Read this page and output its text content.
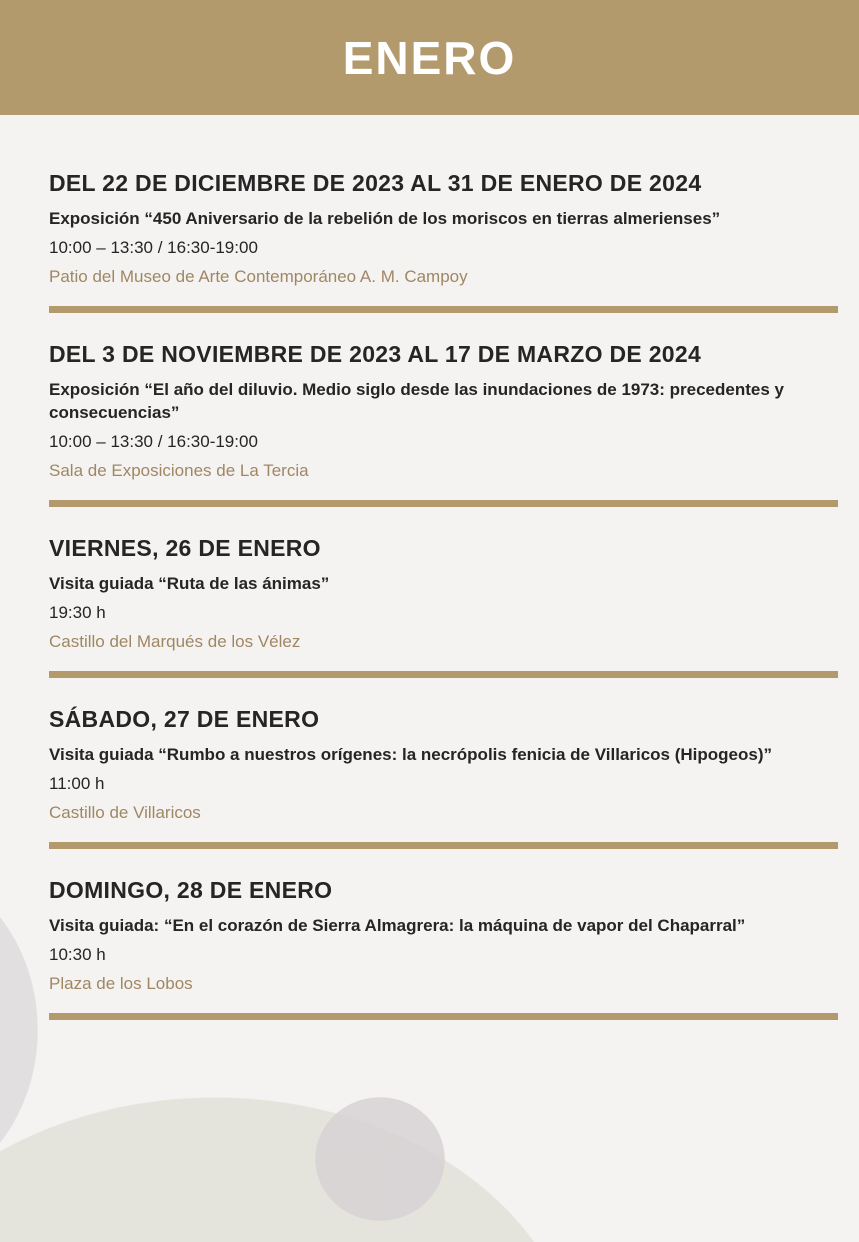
ENERO
DEL 22 DE DICIEMBRE DE 2023 AL 31 DE ENERO DE 2024
Exposición “450 Aniversario de la rebelión de los moriscos en tierras almerienses”
10:00 – 13:30 / 16:30-19:00
Patio del Museo de Arte Contemporáneo A. M. Campoy
DEL 3 DE NOVIEMBRE DE 2023 AL 17 DE MARZO DE 2024
Exposición “El año del diluvio. Medio siglo desde las inundaciones de 1973: precedentes y consecuencias”
10:00 – 13:30 / 16:30-19:00
Sala de Exposiciones de La Tercia
VIERNES, 26 DE ENERO
Visita guiada “Ruta de las ánimas”
19:30 h
Castillo del Marqués de los Vélez
SÁBADO, 27 DE ENERO
Visita guiada “Rumbo a nuestros orígenes: la necrópolis fenicia de Villaricos (Hipogeos)”
11:00 h
Castillo de Villaricos
DOMINGO, 28 DE ENERO
Visita guiada: “En el corazón de Sierra Almagrera: la máquina de vapor del Chaparral”
10:30 h
Plaza de los Lobos
